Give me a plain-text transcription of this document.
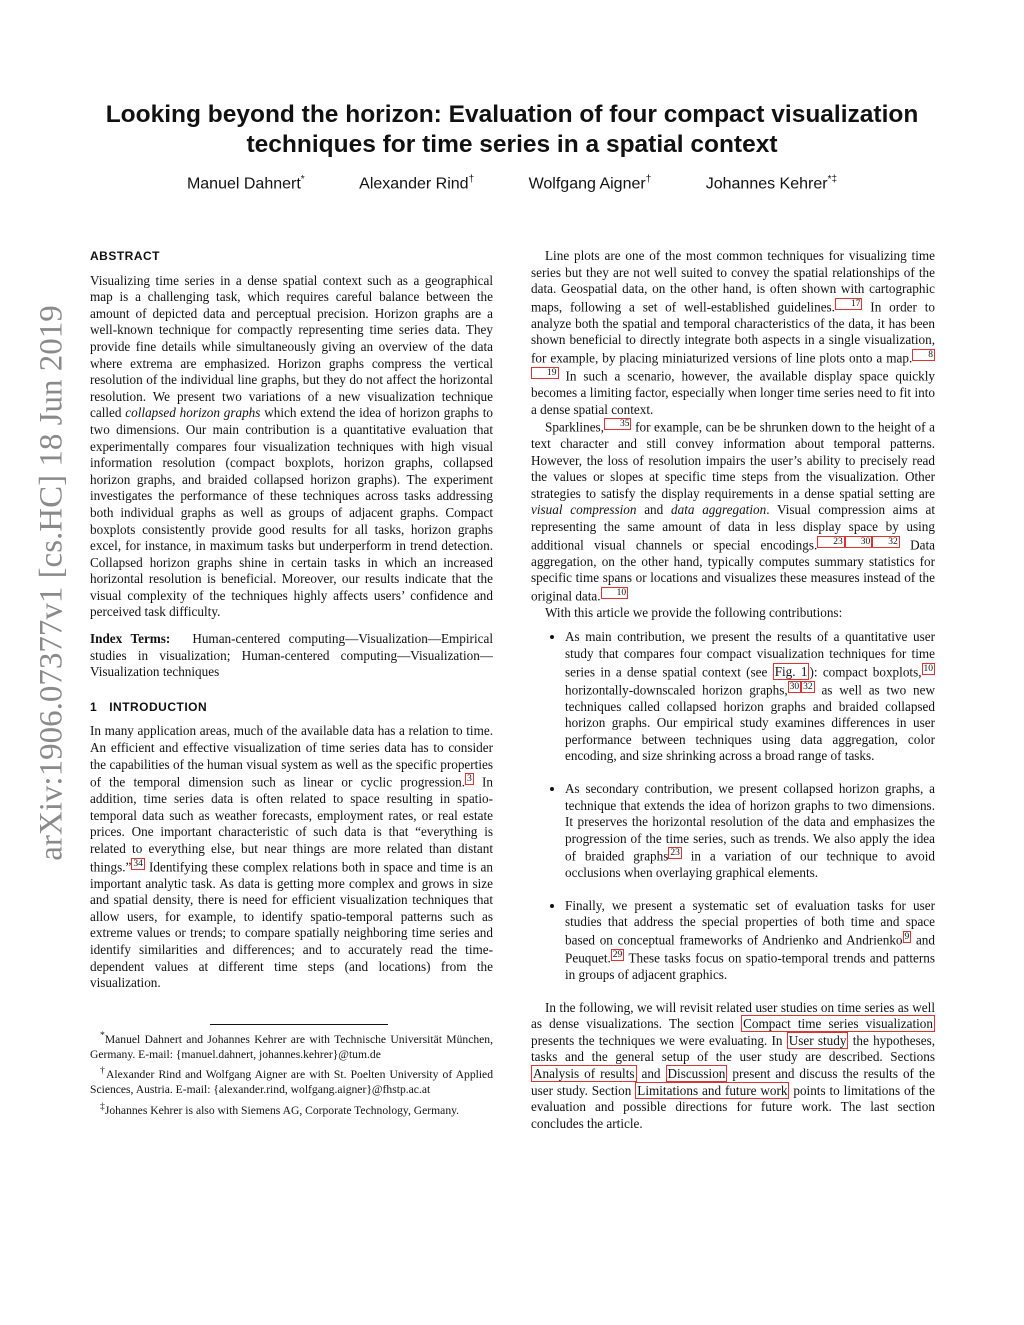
Looking beyond the horizon: Evaluation of four compact visualization techniques for time series in a spatial context
Manuel Dahnert*	Alexander Rind†	Wolfgang Aigner†	Johannes Kehrer*‡
arXiv:1906.07377v1 [cs.HC] 18 Jun 2019
ABSTRACT

Visualizing time series in a dense spatial context such as a geographical map is a challenging task, which requires careful balance between the amount of depicted data and perceptual precision. Horizon graphs are a well-known technique for compactly representing time series data. They provide fine details while simultaneously giving an overview of the data where extrema are emphasized. Horizon graphs compress the vertical resolution of the individual line graphs, but they do not affect the horizontal resolution. We present two variations of a new visualization technique called collapsed horizon graphs which extend the idea of horizon graphs to two dimensions. Our main contribution is a quantitative evaluation that experimentally compares four visualization techniques with high visual information resolution (compact boxplots, horizon graphs, collapsed horizon graphs, and braided collapsed horizon graphs). The experiment investigates the performance of these techniques across tasks addressing both individual graphs as well as groups of adjacent graphs. Compact boxplots consistently provide good results for all tasks, horizon graphs excel, for instance, in maximum tasks but underperform in trend detection. Collapsed horizon graphs shine in certain tasks in which an increased horizontal resolution is beneficial. Moreover, our results indicate that the visual complexity of the techniques highly affects users’ confidence and perceived task difficulty.

Index Terms: Human-centered computing—Visualization—Empirical studies in visualization; Human-centered computing—Visualization—Visualization techniques

1 INTRODUCTION

In many application areas, much of the available data has a relation to time. An efficient and effective visualization of time series data has to consider the capabilities of the human visual system as well as the specific properties of the temporal dimension such as linear or cyclic progression. 3 In addition, time series data is often related to space resulting in spatio-temporal data such as weather forecasts, employment rates, or real estate prices. One important characteristic of such data is that “everything is related to everything else, but near things are more related than distant things.” 34 Identifying these complex relations both in space and time is an important analytic task. As data is getting more complex and grows in size and spatial density, there is need for efficient visualization techniques that allow users, for example, to identify spatio-temporal patterns such as extreme values or trends; to compare spatially neighboring time series and identify similarities and differences; and to accurately read the time-dependent values at different time steps (and locations) from the visualization.

*Manuel Dahnert and Johannes Kehrer are with Technische Universität München, Germany. E-mail: {manuel.dahnert, johannes.kehrer}@tum.de

†Alexander Rind and Wolfgang Aigner are with St. Poelten University of Applied Sciences, Austria. E-mail: {alexander.rind, wolfgang.aigner}@fhstp.ac.at

‡Johannes Kehrer is also with Siemens AG, Corporate Technology, Germany.

Line plots are one of the most common techniques for visualizing time series but they are not well suited to convey the spatial relationships of the data. Geospatial data, on the other hand, is often shown with cartographic maps, following a set of well-established guidelines. 17 In order to analyze both the spatial and temporal characteristics of the data, it has been shown beneficial to directly integrate both aspects in a single visualization, for example, by placing miniaturized versions of line plots onto a map. 819 In such a scenario, however, the available display space quickly becomes a limiting factor, especially when longer time series need to fit into a dense spatial context.

Sparklines, 35 for example, can be be shrunken down to the height of a text character and still convey information about temporal patterns. However, the loss of resolution impairs the user’s ability to precisely read the values or slopes at specific time steps from the visualization. Other strategies to satisfy the display requirements in a dense spatial setting are visual compression and data aggregation. Visual compression aims at representing the same amount of data in less display space by using additional visual channels or special encodings. 23 30 32 Data aggregation, on the other hand, typically computes summary statistics for specific time spans or locations and visualizes these measures instead of the original data. 10

With this article we provide the following contributions:

• As main contribution, we present the results of a quantitative user study that compares four compact visualization techniques for time series in a dense spatial context (see Fig. 1 ): compact boxplots, 10 horizontally-downscaled horizon graphs, 30 32 as well as two new techniques called collapsed horizon graphs and braided collapsed horizon graphs. Our empirical study examines differences in user performance between techniques using data aggregation, color encoding, and size shrinking across a broad range of tasks.
• As secondary contribution, we present collapsed horizon graphs, a technique that extends the idea of horizon graphs to two dimensions. It preserves the horizontal resolution of the data and emphasizes the progression of the time series, such as trends. We also apply the idea of braided graphs 23 in a variation of our technique to avoid occlusions when overlaying graphical elements.
• Finally, we present a systematic set of evaluation tasks for user studies that address the special properties of both time and space based on conceptual frameworks of Andrienko and Andrienko 9 and Peuquet. 29 These tasks focus on spatio-temporal trends and patterns in groups of adjacent graphics.

In the following, we will revisit related user studies on time series as well as dense visualizations. The section Compact time series visualization presents the techniques we were evaluating. In User study the hypotheses, tasks and the general setup of the user study are described. Sections Analysis of results and Discussion present and discuss the results of the user study. Section Limitations and future work points to limitations of the evaluation and possible directions for future work. The last section concludes the article.
